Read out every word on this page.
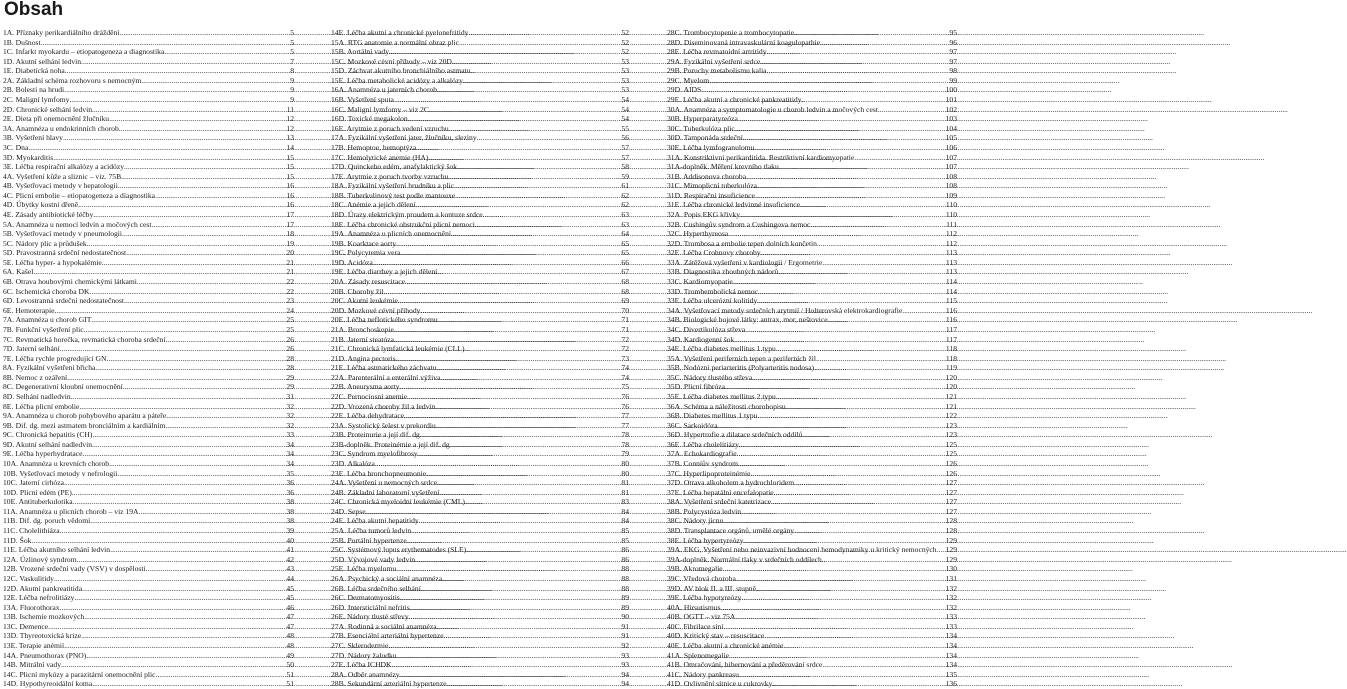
Obsah
1A. Příznaky perikardiálního dráždění .....	5
1B. Dušnost .....	5
1C. Infarkt myokardu – etiopatogeneza a diagnostika .....	5
1D. Akutní selhání ledvin .....	7
1E. Diabetická noha .....	8
2A. Základní schéma rozhovoru s nemocným .....	9
2B. Bolesti na hrudi .....	9
2C. Maligní lymfomy .....	9
2D. Chronické selhání ledvin .....	11
2E. Dieta při onemocnění žlučníku .....	12
3A. Anamnéza u endokrinních chorob .....	12
3B. Vyšetření hlavy .....	13
3C. Dna .....	14
3D. Myokarditis .....	15
3E. Léčba respirační alkalózy a acidózy .....	15
4A. Vyšetření kůže a sliznic – viz. 75B .....	15
4B. Vyšetřovací metody v hepatologii .....	16
4C. Plicní embolie – etiopatogeneza a diagnostika .....	16
4D. Úbytky kostní dřeně .....	16
4E. Zásady antibiotické léčby .....	17
5A. Anamnéza u nemocí ledvin a močových cest .....	17
5B. Vyšetřovací metody v pneumologii .....	18
5C. Nádory plic a průdušek .....	19
5D. Pravostranná srdeční nedostatečnost .....	20
5E. Léčba hyper- a hypokalémie .....	21
6A. Kašel .....	21
6B. Otrava houbovými chemickými látkami .....	22
6C. Ischemická choroba DK .....	22
6D. Levostranná srdeční nedostatečnost .....	23
6E. Hemoterapie .....	24
7A. Anamnéza u chorob GIT .....	25
7B. Funkční vyšetření plic .....	25
7C. Revmatická horečka, revmatická choroba srdeční .....	26
7D. Jaterní selhání .....	26
7E. Léčba rychle progredující GN .....	28
8A. Fyzikální vyšetření břicha .....	28
8B. Nemoc z ozáření .....	29
8C. Degenerativní kloubní onemocnění .....	29
8D. Selhání nadledvin .....	31
8E. Léčba plicní embolie .....	32
9A. Anamnéza u chorob pohybového aparátu a páteře .....	32
9B. Dif. dg. mezi astmatem bronciálním a kardiálním .....	32
9C. Chronická hepatitis (CH) .....	33
9D. Akutní selhání nadledvin .....	34
9E. Léčba hyperhydratace .....	34
10A. Anamnéza u krevních chorob .....	34
10B. Vyšetřovací metody v nefrologii .....	35
10C. Jaterní cirhóza .....	36
10D. Plicní edém (PE) .....	36
10E. Antituberkulotika .....	38
11A. Anamnéza u plicních chorob – viz 19A .....	38
11B. Dif. dg. poruch vědomí .....	38
11C. Cholelithiáza .....	39
11D. Šok .....	40
11E. Léčba akutního selhání ledvin .....	41
12A. Úzlinový syndrom .....	42
12B. Vrozené srdeční vady (VSV) v dospělosti .....	43
12C. Vaskulitidy .....	44
12D. Akutní pankreatitida .....	45
12E. Léčba nefrolitiázy .....	45
13A. Fluorothorax .....	46
13B. Ischemie mozkových .....	47
13C. Demence .....	47
13D. Thyreotoxická krize .....	48
13E. Terapie anémií .....	48
14A. Pneumothorax (PNO) .....	49
14B. Mitrální vady .....	50
14C. Plicní mykózy a parazitární onemocnění plic .....	51
14D. Hypothyreoidální koma .....	51
14E. Léčba akutní a chronické pyelonefritidy .....	52
15A. RTG anatomie a normální obraz plic .....	52
15B. Aortální vady .....	52
15C. Mozkové cévní příhody – viz 20D .....	53
15D. Záchvat akutního bronchiálního astmatu .....	53
15E. Léčba metabolické acidózy a alkalózy .....	53
16A. Anamnéza u jaterních chorob .....	53
16B. Vyšetření sputa .....	54
16C. Maligní lymfomy – viz 2C .....	54
16D. Toxické megakolon .....	54
16E. Arytmie z poruch vedení vzruchu .....	55
17A. Fyzikální vyšetření jater, žlučníku, sleziny .....	56
17B. Hemoptoe, hemoptýza .....	57
17C. Hemolytické anemie (HA) .....	57
17D. Quinckeho edém, anafylaktický šok .....	58
17E. Arytmie z poruch tvorby vzruchu .....	59
18A. Fyzikální vyšetření hrudníku a plic .....	61
18B. Tuberkulinový test podle mantouxe .....	62
18C. Anémie a jejich dělení .....	62
18D. Úrazy elektrickým proudem a kontuze srdce .....	63
18E. Léčba chronické obstrukční plicní nemoci .....	63
19A. Anamnéza u plicních onemocnění .....	64
19B. Koarktace aorty .....	65
19C. Polycytemia vera .....	65
19D. Acidóza .....	66
19E. Léčba diarrhey a jejich dělení .....	67
20A. Zásady resuscitace .....	68
20B. Choroby žil .....	68
20C. Akutní leukémie .....	69
20D. Mozkové cévní příhody .....	70
20E. Léčba neflotického syndromu .....	71
21A. Bronchoskopie .....	71
21B. Jaterní steatóza .....	72
21C. Chronická lymfatická leukémie (CLL) .....	72
21D. Angina pectoris .....	73
21E. Léčba astmatického záchvatu .....	74
22A. Parenterální a enterální výživa .....	74
22B. Aneurysma aorty .....	75
22C. Pernociosní anemie .....	76
22D. Vrozená choroby žil a ledvin .....	76
22E. Léčba dehydratace .....	77
23A. Systolický šelest v prekordiu .....	77
23B. Proteinurie a její dif. dg .....	78
23B-doplněk. Proteinémie a její dif. dg .....	78
23C. Syndrom myelofibrosy .....	79
23D. Alkalóza .....	80
23E. Léčba bronchopneumonie .....	80
24A. Vyšetření u nemocných srdce .....	81
24B. Základní laboratorní vyšetření .....	81
24C. Chronická myeloidní leukémie (CML) .....	83
24D. Sepse .....	84
24E. Léčba akutní hepatitidy .....	84
25A. Léčba tumorů ledvin .....	85
25B. Portální hypertenze .....	85
25C. Systémový lupus erythematodes (SLE) .....	86
25D. Vývojové vady ledvin .....	86
25E. Léčba myelomu .....	88
26A. Psychický a sociální anamnéza .....	88
26B. Léčba srdečního selhání .....	88
26C. Dermatomyositis .....	89
26D. Intersticiální nefritis .....	89
26E. Nádory tlusté střevy .....	90
27A. Rodinná a sociální anamnéza .....	91
27B. Esenciální arteriální hypertenze .....	91
27C. Sklerodermie .....	92
27D. Nádory žaludku .....	93
27E. Léčba ICHDK .....	93
28A. Odběr anamnézy .....	94
28B. Sekundární arteriální hypertenze .....	94
28C. Trombocytopenie a trombocytopatie .....	95
28D. Diseminovaná intravaskulární koagulopathie .....	96
28E. Léčba revmatoidní artritidy .....	97
29A. Fyzikální vyšetření srdce .....	97
29B. Poruchy metabolismu kalia .....	98
29C. Myelom .....	99
29D. AIDS .....	100
29E. Léčba akutní a chronické pankreatitidy .....	101
30A. Anamnéza a symptomatologie u chorob ledvin a močových cest .....	102
30B. Hyperparatyreóza .....	103
30C. Tuberkulóza plic .....	104
30D. Tamponáda srdeční .....	105
30E. Léčba lymfogranulomu .....	106
31A. Konstriktivní perikarditida. Restriktivní kardiomyopatie .....	107
31A-doplněk. Měření krevního tlaku .....	107
31B. Addisonova choroba .....	108
31C. Mimoplicní tuberkulóza .....	108
31D. Respirační insuficience .....	109
31E. Léčba chronické ledvinné insuficience .....	110
32A. Popis EKG křivky .....	110
32B. Cushingův syndrom a Cushingova nemoc .....	111
32C. Hyperthyreosa .....	112
32D. Trombosa a embolie tepen dolních končetin .....	112
32E. Léčba Crohnovy choroby .....	113
33A. Zátěžová vyšetření v kardiologii / Ergometrie .....	113
33B. Diagnostika zhoubných nádorů .....	113
33C. Kardiomyopatie .....	114
33D. Trombembolická nemoc .....	114
33E. Léčba ulcerózní kolitidy .....	115
34A. Vyšetřovací metody srdečních arytmií / Holterovská elektrokardiografie .....	116
34B. Biologické bojové látky: antrax, mor, neštovice .....	116
34C. Divertikulóza střeva .....	117
34D. Kardiogenní šok .....	117
34E. Léčba diabetes mellitus 1.typu .....	118
35A. Vyšetření periferních tepen a periferních žil .....	118
35B. Nodózní periarteritis (Polyarteritis nodosa) .....	119
35C. Nádory tlustého střeva .....	120
35D. Plicní fibróza .....	120
35E. Léčba diabetes mellitus 2.typu .....	121
36A. Schéma a náležitosti chorobopisu .....	121
36B. Diabetes mellitus 1.typu .....	122
36C. Sarkoidóza .....	123
36D. Hypertrofie a dilatace srdečních oddílů .....	123
36E. Léčba cholelitiázy .....	125
37A. Echokardiografie .....	125
37B. Conníův syndrom .....	126
37C. Hyperlipoproteinémie .....	126
37D. Otrava alkoholem a hydrochloridem .....	127
37E. Léčba hepatální encefalopatie .....	127
38A. Vyšetření srdeční katetrizace .....	127
38B. Polycystóza ledvin .....	127
38C. Nádory jícnu .....	128
38D. Transplantace orgánů, umělé orgány .....	128
38E. Léčba hypertyreózy .....	129
39A. EKG, Vyšetření nebo neinvazivní hodnocení hemodynamiky u kritický nemocných ..... 129
39A-doplněk. Normální tlaky v srdečních oddílech .....	129
39B. Akromegalie .....	130
39C. Vředová choroba .....	131
39D. AV blok II. a III. stupně .....	132
39E. Léčba hypotyreózy .....	132
40A. Hirsutismus .....	132
40B. OGTT – viz 75A .....	133
40C. Fibrilace síní .....	133
40D. Kritický stav – resuscitace .....	134
40E. Léčba akutní a chronické anémie .....	134
41A. Splenomegalie .....	134
41B. Omračování, hibernování a předěrování srdce .....	134
41C. Nádory pankreasu .....	135
41D. Ovlivnění sítnice u cukrovky .....	136
